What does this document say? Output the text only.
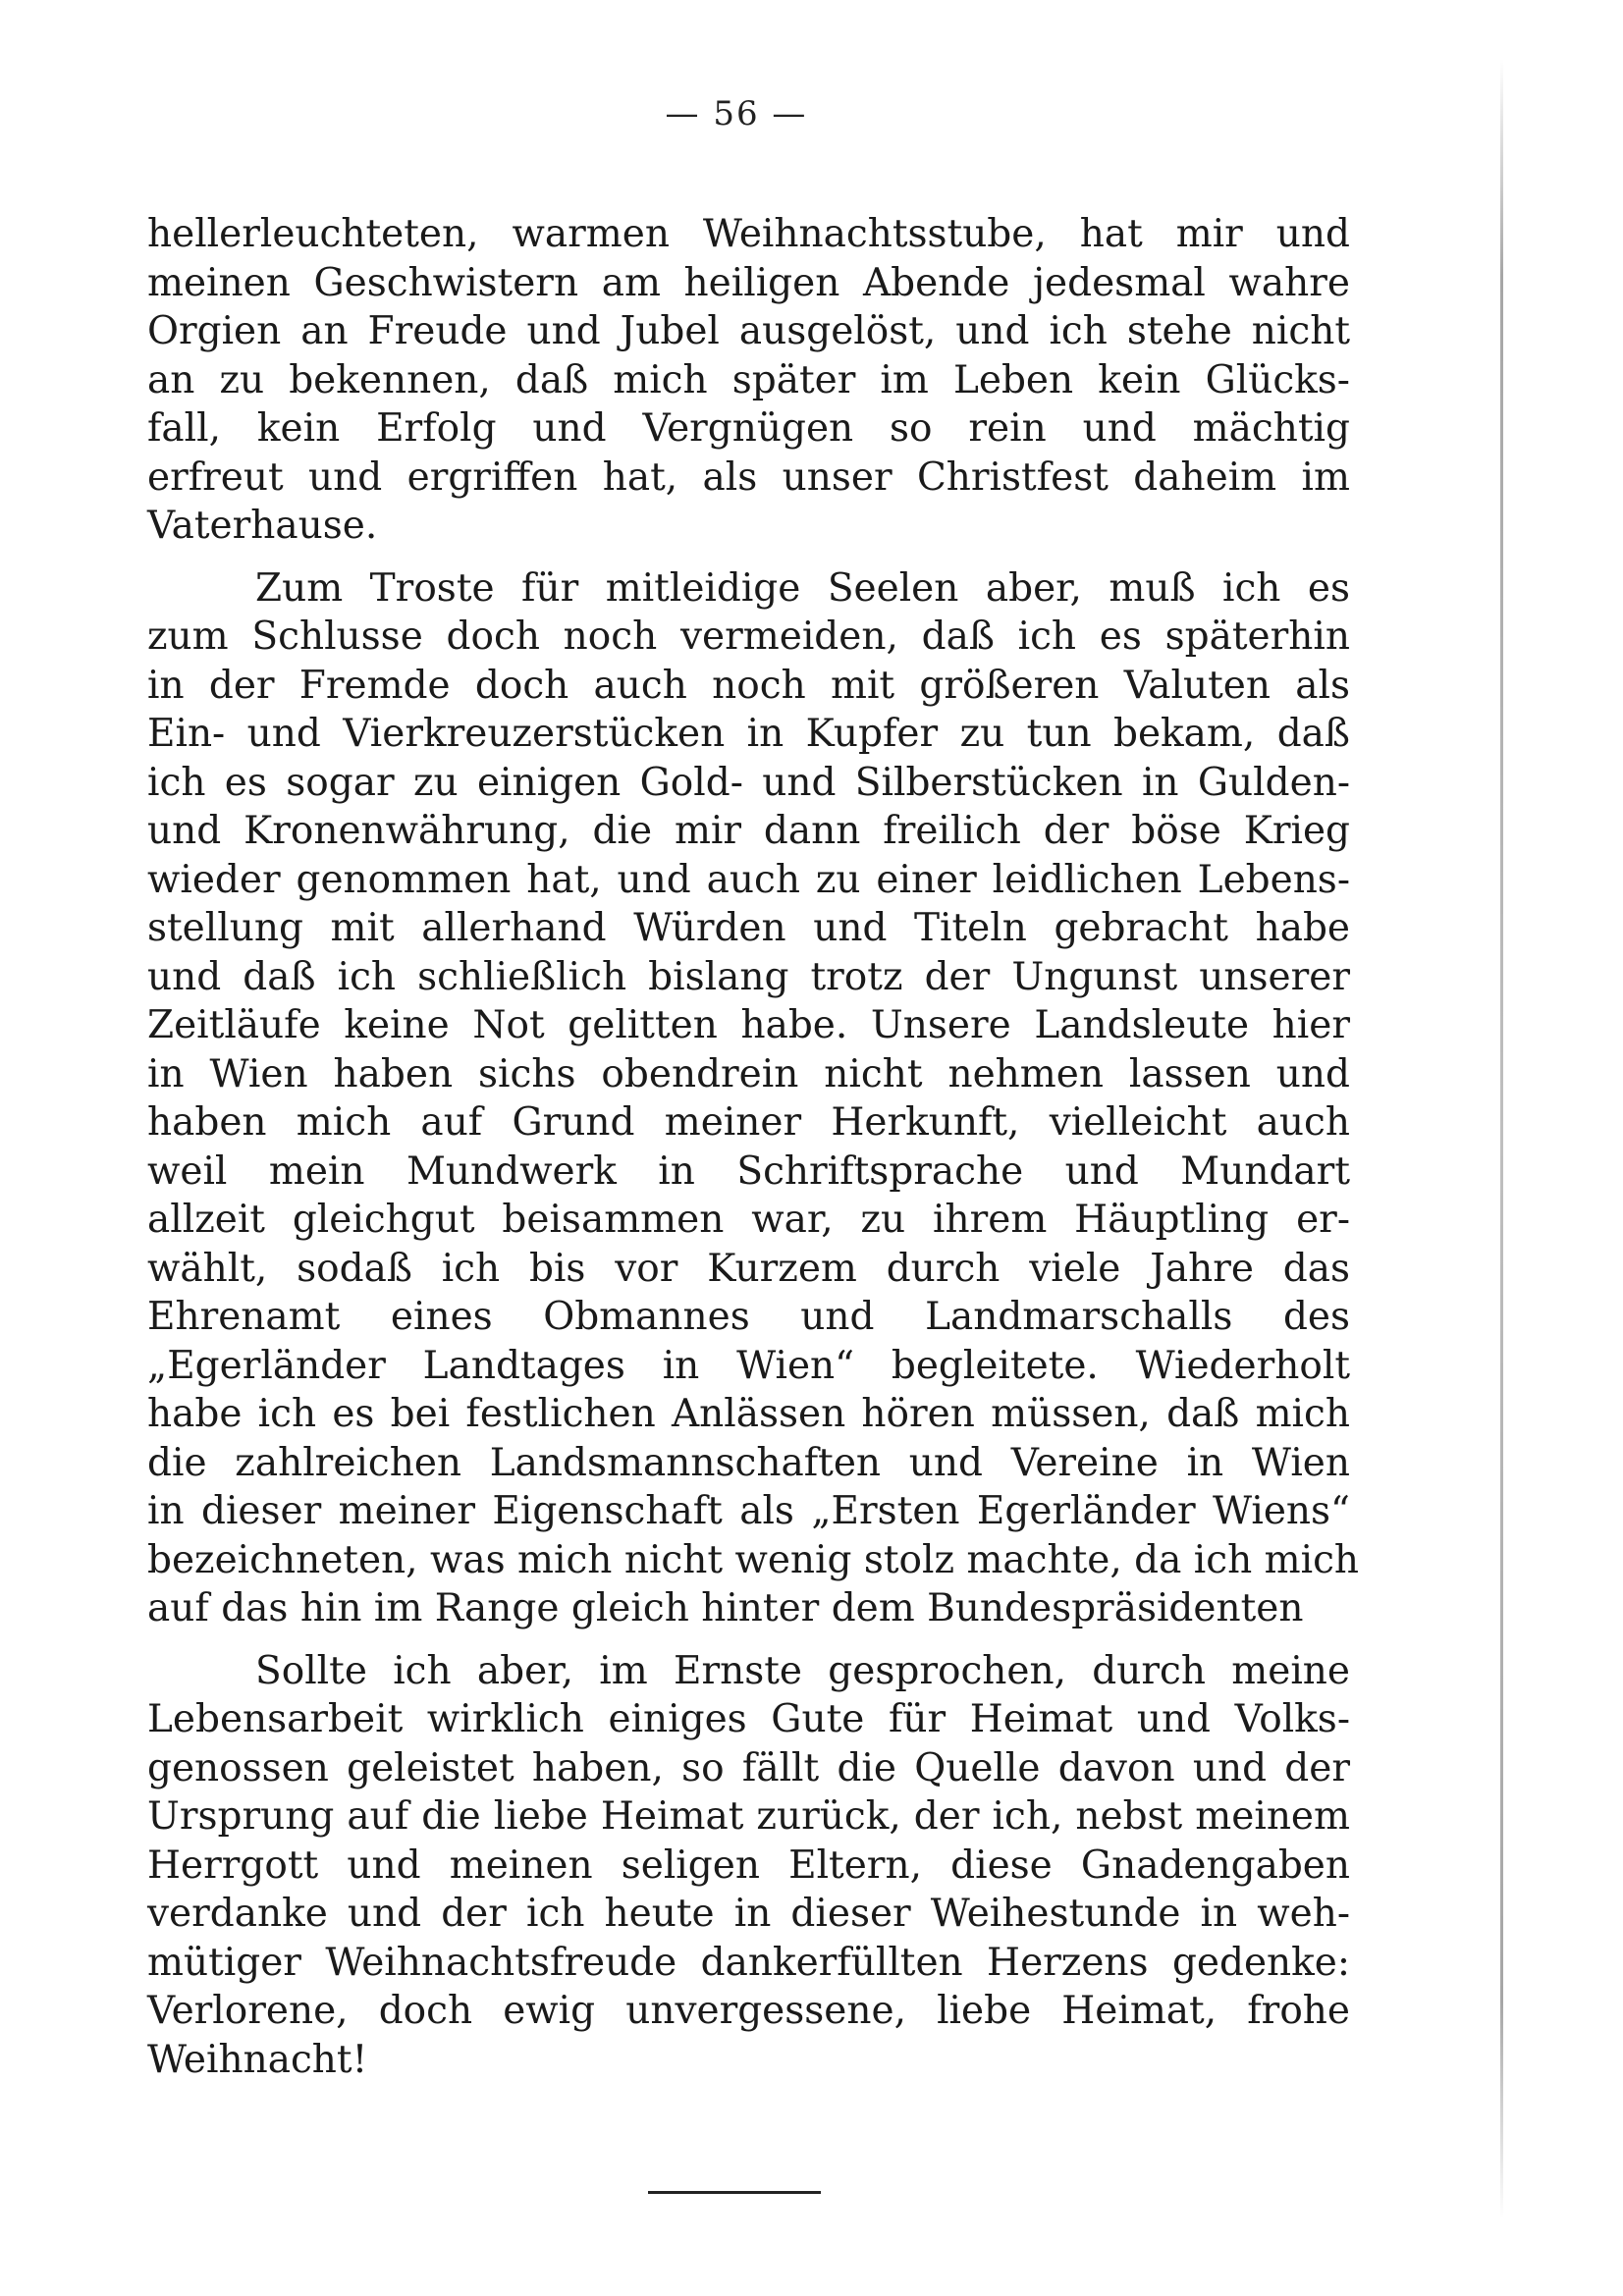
— 56 —
hellerleuchteten, warmen Weihnachtsstube, hat mir und
meinen Geschwistern am heiligen Abende jedesmal wahre
Orgien an Freude und Jubel ausgelöst, und ich stehe nicht
an zu bekennen, daß mich später im Leben kein Glücks-
fall, kein Erfolg und Vergnügen so rein und mächtig
erfreut und ergriffen hat, als unser Christfest daheim im
Vaterhause.
Zum Troste für mitleidige Seelen aber, muß ich es
zum Schlusse doch noch vermeiden, daß ich es späterhin
in der Fremde doch auch noch mit größeren Valuten als
Ein- und Vierkreuzerstücken in Kupfer zu tun bekam, daß
ich es sogar zu einigen Gold- und Silberstücken in Gulden-
und Kronenwährung, die mir dann freilich der böse Krieg
wieder genommen hat, und auch zu einer leidlichen Lebens-
stellung mit allerhand Würden und Titeln gebracht habe
und daß ich schließlich bislang trotz der Ungunst unserer
Zeitläufe keine Not gelitten habe. Unsere Landsleute hier
in Wien haben sichs obendrein nicht nehmen lassen und
haben mich auf Grund meiner Herkunft, vielleicht auch
weil mein Mundwerk in Schriftsprache und Mundart
allzeit gleichgut beisammen war, zu ihrem Häuptling er-
wählt, sodaß ich bis vor Kurzem durch viele Jahre das
Ehrenamt eines Obmannes und Landmarschalls des
„Egerländer Landtages in Wien“ begleitete. Wiederholt
habe ich es bei festlichen Anlässen hören müssen, daß mich
die zahlreichen Landsmannschaften und Vereine in Wien
in dieser meiner Eigenschaft als „Ersten Egerländer Wiens“
bezeichneten, was mich nicht wenig stolz machte, da ich mich
auf das hin im Range gleich hinter dem Bundespräsidenten
Sollte ich aber, im Ernste gesprochen, durch meine
Lebensarbeit wirklich einiges Gute für Heimat und Volks-
genossen geleistet haben, so fällt die Quelle davon und der
Ursprung auf die liebe Heimat zurück, der ich, nebst meinem
Herrgott und meinen seligen Eltern, diese Gnadengaben
verdanke und der ich heute in dieser Weihestunde in weh-
mütiger Weihnachtsfreude dankerfüllten Herzens gedenke:
Verlorene, doch ewig unvergessene, liebe Heimat, frohe
Weihnacht!
